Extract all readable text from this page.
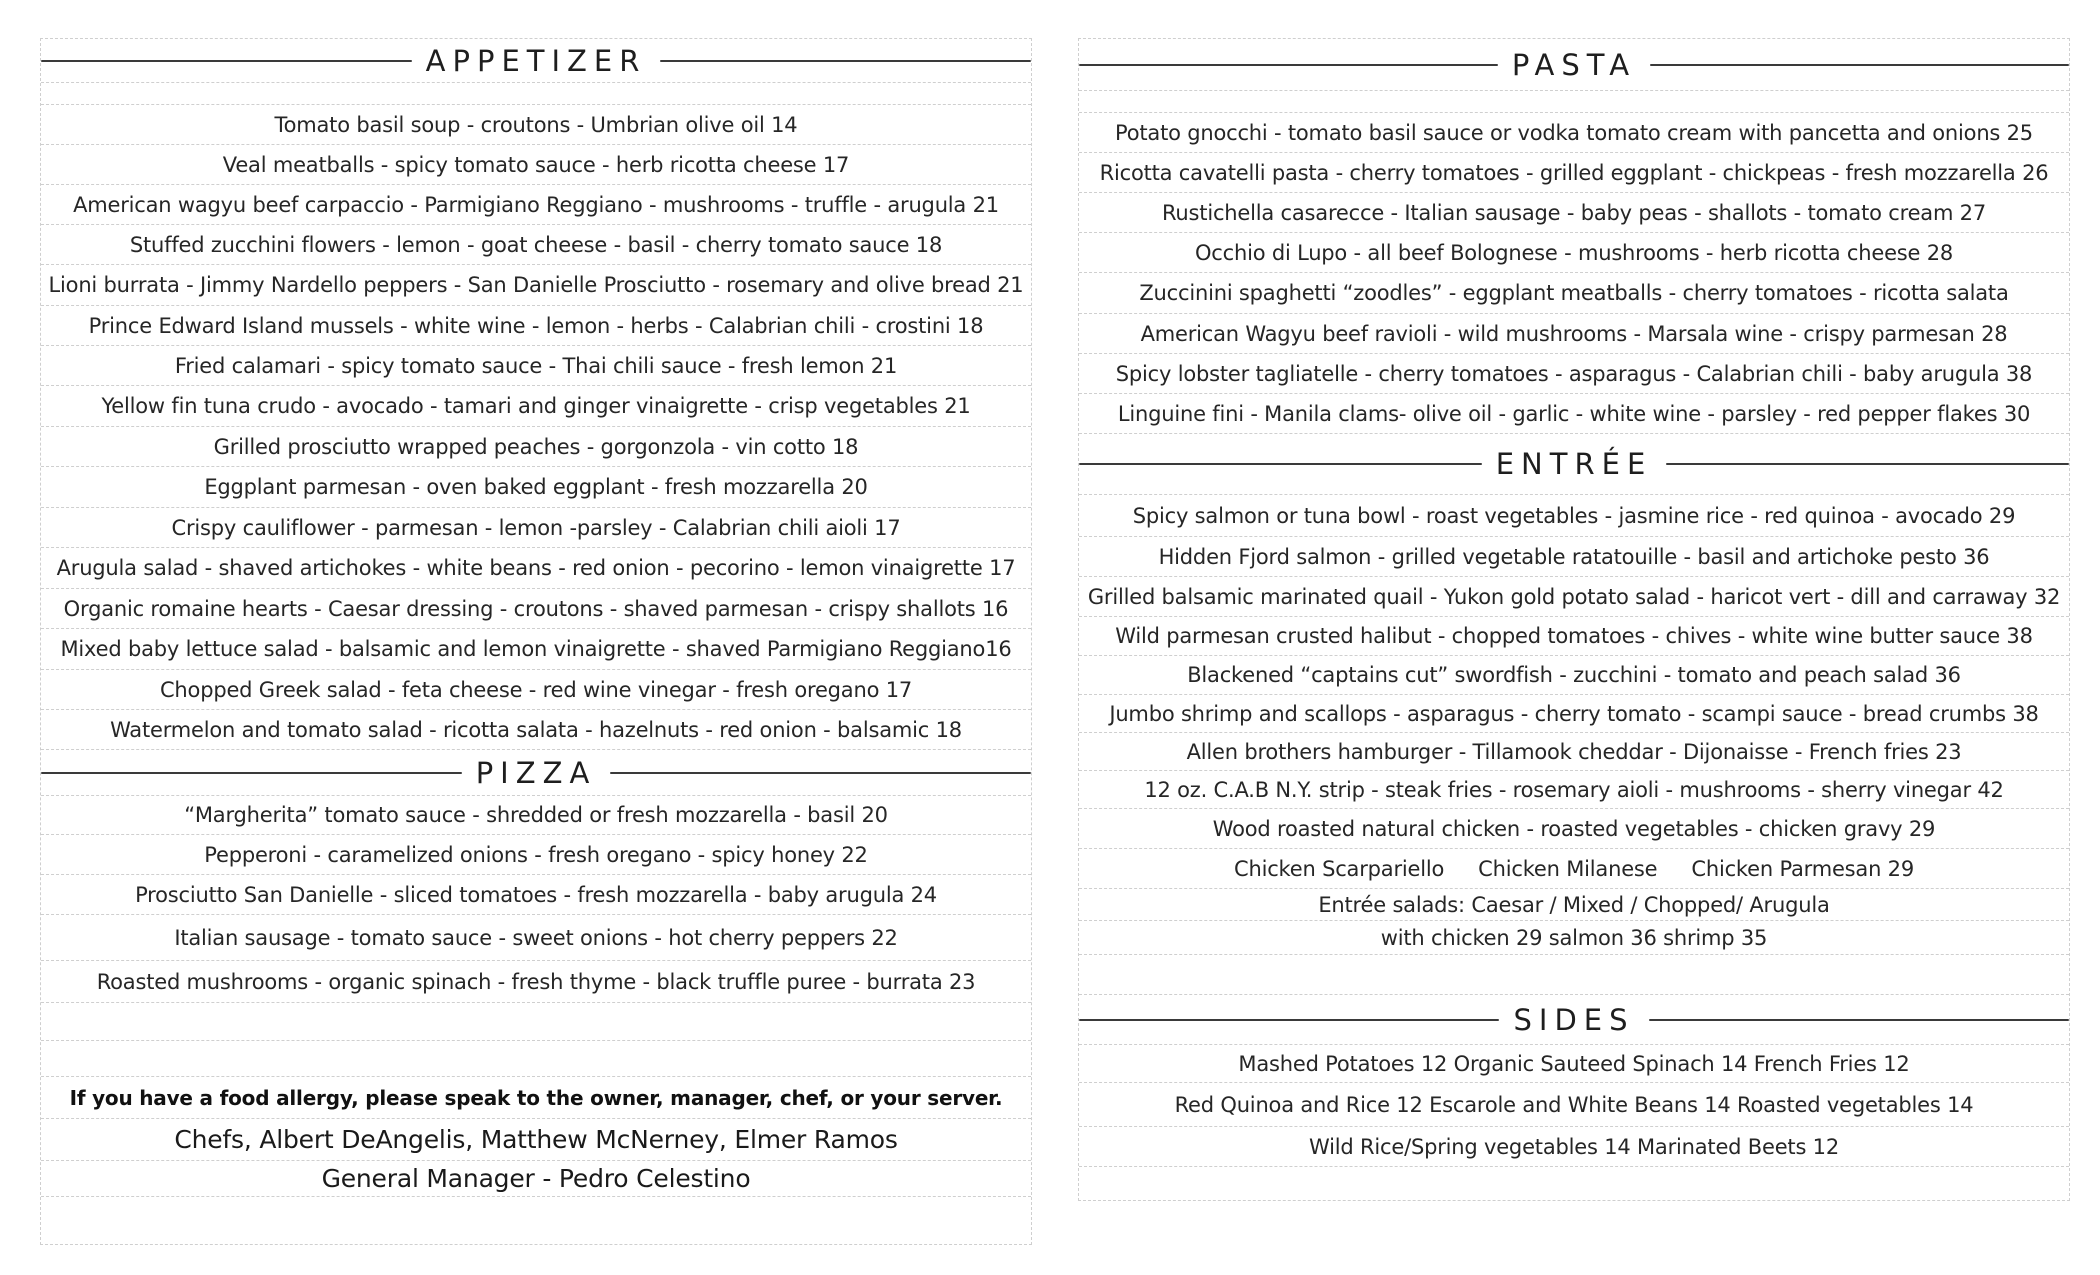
APPETIZER
Tomato basil soup - croutons - Umbrian olive oil 14
Veal meatballs - spicy tomato sauce - herb ricotta cheese 17
American wagyu beef carpaccio - Parmigiano Reggiano - mushrooms - truffle - arugula 21
Stuffed zucchini flowers - lemon - goat cheese - basil - cherry tomato sauce 18
Lioni burrata - Jimmy Nardello peppers - San Danielle Prosciutto - rosemary and olive bread 21
Prince Edward Island mussels - white wine - lemon - herbs - Calabrian chili - crostini 18
Fried calamari - spicy tomato sauce - Thai chili sauce - fresh lemon 21
Yellow fin tuna crudo - avocado - tamari and ginger vinaigrette - crisp vegetables 21
Grilled prosciutto wrapped peaches - gorgonzola - vin cotto 18
Eggplant parmesan - oven baked eggplant - fresh mozzarella 20
Crispy cauliflower - parmesan - lemon -parsley - Calabrian chili aioli 17
Arugula salad - shaved artichokes - white beans - red onion - pecorino - lemon vinaigrette 17
Organic romaine hearts - Caesar dressing - croutons - shaved parmesan - crispy shallots 16
Mixed baby lettuce salad - balsamic and lemon vinaigrette - shaved Parmigiano Reggiano16
Chopped Greek salad - feta cheese - red wine vinegar - fresh oregano 17
Watermelon and tomato salad - ricotta salata - hazelnuts - red onion - balsamic 18
PIZZA
“Margherita” tomato sauce - shredded or fresh mozzarella - basil 20
Pepperoni - caramelized onions - fresh oregano - spicy honey 22
Prosciutto San Danielle - sliced tomatoes - fresh mozzarella - baby arugula 24
Italian sausage - tomato sauce - sweet onions - hot cherry peppers 22
Roasted mushrooms - organic spinach - fresh thyme - black truffle puree - burrata 23
If you have a food allergy, please speak to the owner, manager, chef, or your server.
Chefs, Albert DeAngelis, Matthew McNerney, Elmer Ramos
General Manager - Pedro Celestino
PASTA
Potato gnocchi - tomato basil sauce or vodka tomato cream with pancetta and onions 25
Ricotta cavatelli pasta - cherry tomatoes - grilled eggplant - chickpeas - fresh mozzarella 26
Rustichella casarecce - Italian sausage - baby peas - shallots - tomato cream 27
Occhio di Lupo - all beef Bolognese - mushrooms - herb ricotta cheese 28
Zuccinini spaghetti “zoodles” - eggplant meatballs - cherry tomatoes - ricotta salata
American Wagyu beef ravioli - wild mushrooms - Marsala wine - crispy parmesan 28
Spicy lobster tagliatelle - cherry tomatoes - asparagus - Calabrian chili - baby arugula 38
Linguine fini - Manila clams- olive oil - garlic - white wine - parsley - red pepper flakes 30
ENTRÉE
Spicy salmon or tuna bowl - roast vegetables - jasmine rice - red quinoa - avocado 29
Hidden Fjord salmon - grilled vegetable ratatouille - basil and artichoke pesto 36
Grilled balsamic marinated quail - Yukon gold potato salad - haricot vert - dill and carraway 32
Wild parmesan crusted halibut - chopped tomatoes - chives - white wine butter sauce 38
Blackened “captains cut” swordfish - zucchini - tomato and peach salad 36
Jumbo shrimp and scallops - asparagus - cherry tomato - scampi sauce - bread crumbs 38
Allen brothers hamburger - Tillamook cheddar - Dijonaisse - French fries 23
12 oz. C.A.B N.Y. strip - steak fries - rosemary aioli - mushrooms - sherry vinegar 42
Wood roasted natural chicken - roasted vegetables - chicken gravy 29
Chicken Scarpariello Chicken Milanese Chicken Parmesan 29
Entrée salads: Caesar / Mixed / Chopped/ Arugula
with chicken 29 salmon 36 shrimp 35
SIDES
Mashed Potatoes 12 Organic Sauteed Spinach 14 French Fries 12
Red Quinoa and Rice 12 Escarole and White Beans 14 Roasted vegetables 14
Wild Rice/Spring vegetables 14 Marinated Beets 12
